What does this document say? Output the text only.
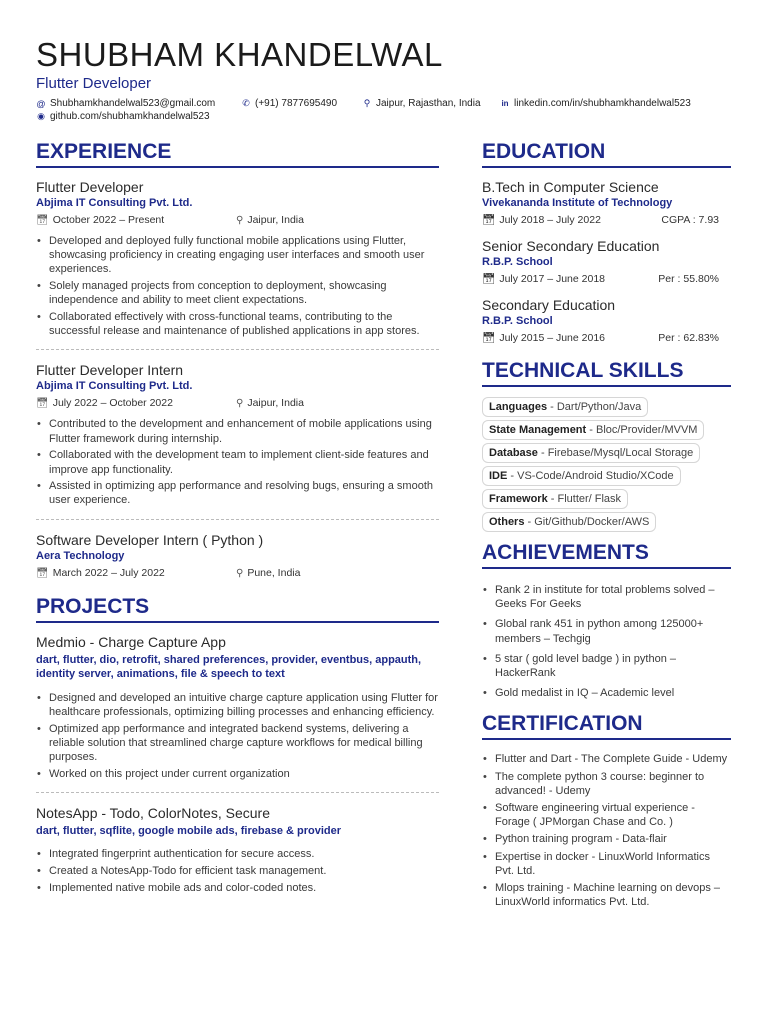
SHUBHAM KHANDELWAL
Flutter Developer
@ Shubhamkhandelwal523@gmail.com	✆ (+91) 7877695490	⚲ Jaipur, Rajasthan, India	in linkedin.com/in/shubhamkhandelwal523
◉ github.com/shubhamkhandelwal523
EXPERIENCE
Flutter Developer
Abjima IT Consulting Pvt. Ltd.
📅︎ October 2022 – Present	⚲ Jaipur, India
• Developed and deployed fully functional mobile applications using Flutter, showcasing proficiency in creating engaging user interfaces and smooth user experiences.
• Solely managed projects from conception to deployment, showcasing independence and ability to meet client expectations.
• Collaborated effectively with cross-functional teams, contributing to the successful release and maintenance of published applications in app stores.
Flutter Developer Intern
Abjima IT Consulting Pvt. Ltd.
📅︎ July 2022 – October 2022	⚲ Jaipur, India
• Contributed to the development and enhancement of mobile applications using Flutter framework during internship.
• Collaborated with the development team to implement client-side features and improve app functionality.
• Assisted in optimizing app performance and resolving bugs, ensuring a smooth user experience.
Software Developer Intern ( Python )
Aera Technology
📅︎ March 2022 – July 2022	⚲ Pune, India
PROJECTS
Medmio - Charge Capture App
dart, flutter, dio, retrofit, shared preferences, provider, eventbus, appauth, identity server, animations, file & speech to text
• Designed and developed an intuitive charge capture application using Flutter for healthcare professionals, optimizing billing processes and enhancing efficiency.
• Optimized app performance and integrated backend systems, delivering a reliable solution that streamlined charge capture workflows for medical billing purposes.
• Worked on this project under current organization
NotesApp - Todo, ColorNotes, Secure
dart, flutter, sqflite, google mobile ads, firebase & provider
• Integrated fingerprint authentication for secure access.
• Created a NotesApp-Todo for efficient task management.
• Implemented native mobile ads and color-coded notes.
EDUCATION
B.Tech in Computer Science
Vivekananda Institute of Technology
📅︎ July 2018 – July 2022	CGPA : 7.93
Senior Secondary Education
R.B.P. School
📅︎ July 2017 – June 2018	Per : 55.80%
Secondary Education
R.B.P. School
📅︎ July 2015 – June 2016	Per : 62.83%
TECHNICAL SKILLS
Languages - Dart/Python/Java
State Management - Bloc/Provider/MVVM
Database - Firebase/Mysql/Local Storage
IDE - VS-Code/Android Studio/XCode
Framework - Flutter/ Flask
Others - Git/Github/Docker/AWS
ACHIEVEMENTS
• Rank 2 in institute for total problems solved – Geeks For Geeks
• Global rank 451 in python among 125000+ members – Techgig
• 5 star ( gold level badge ) in python – HackerRank
• Gold medalist in IQ – Academic level
CERTIFICATION
• Flutter and Dart - The Complete Guide - Udemy
• The complete python 3 course: beginner to advanced! - Udemy
• Software engineering virtual experience - Forage ( JPMorgan Chase and Co. )
• Python training program - Data-flair
• Expertise in docker - LinuxWorld Informatics Pvt. Ltd.
• Mlops training - Machine learning on devops – LinuxWorld informatics Pvt. Ltd.
